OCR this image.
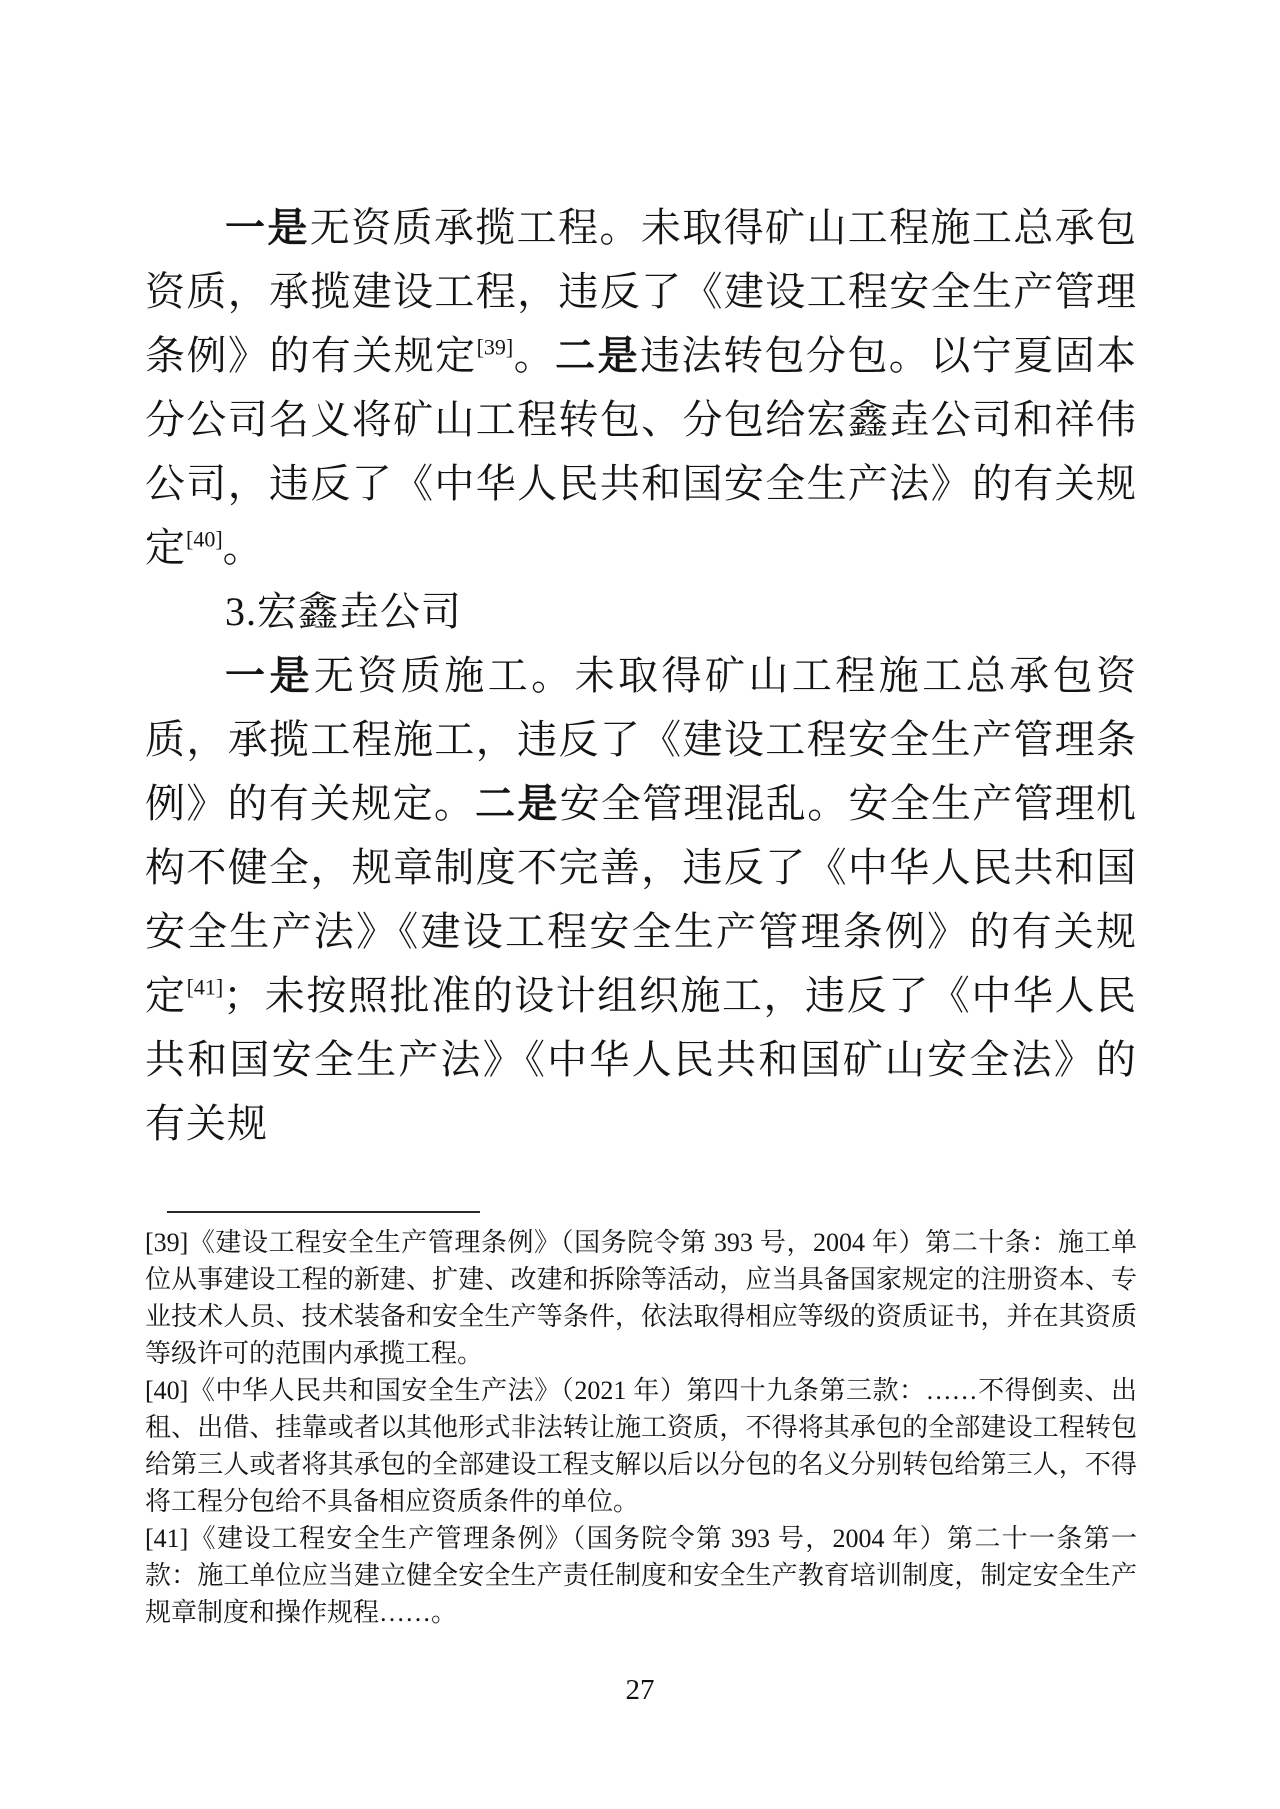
一是无资质承揽工程。未取得矿山工程施工总承包资质，承揽建设工程，违反了《建设工程安全生产管理条例》的有关规定[39]。二是违法转包分包。以宁夏固本分公司名义将矿山工程转包、分包给宏鑫垚公司和祥伟公司，违反了《中华人民共和国安全生产法》的有关规定[40]。

3.宏鑫垚公司

一是无资质施工。未取得矿山工程施工总承包资质，承揽工程施工，违反了《建设工程安全生产管理条例》的有关规定。二是安全管理混乱。安全生产管理机构不健全，规章制度不完善，违反了《中华人民共和国安全生产法》《建设工程安全生产管理条例》的有关规定[41]；未按照批准的设计组织施工，违反了《中华人民共和国安全生产法》《中华人民共和国矿山安全法》的有关规

[39]《建设工程安全生产管理条例》（国务院令第 393 号，2004 年）第二十条：施工单位从事建设工程的新建、扩建、改建和拆除等活动，应当具备国家规定的注册资本、专业技术人员、技术装备和安全生产等条件，依法取得相应等级的资质证书，并在其资质等级许可的范围内承揽工程。

[40]《中华人民共和国安全生产法》（2021 年）第四十九条第三款：……不得倒卖、出租、出借、挂靠或者以其他形式非法转让施工资质，不得将其承包的全部建设工程转包给第三人或者将其承包的全部建设工程支解以后以分包的名义分别转包给第三人，不得将工程分包给不具备相应资质条件的单位。

[41]《建设工程安全生产管理条例》（国务院令第 393 号，2004 年）第二十一条第一款：施工单位应当建立健全安全生产责任制度和安全生产教育培训制度，制定安全生产规章制度和操作规程……。

27
